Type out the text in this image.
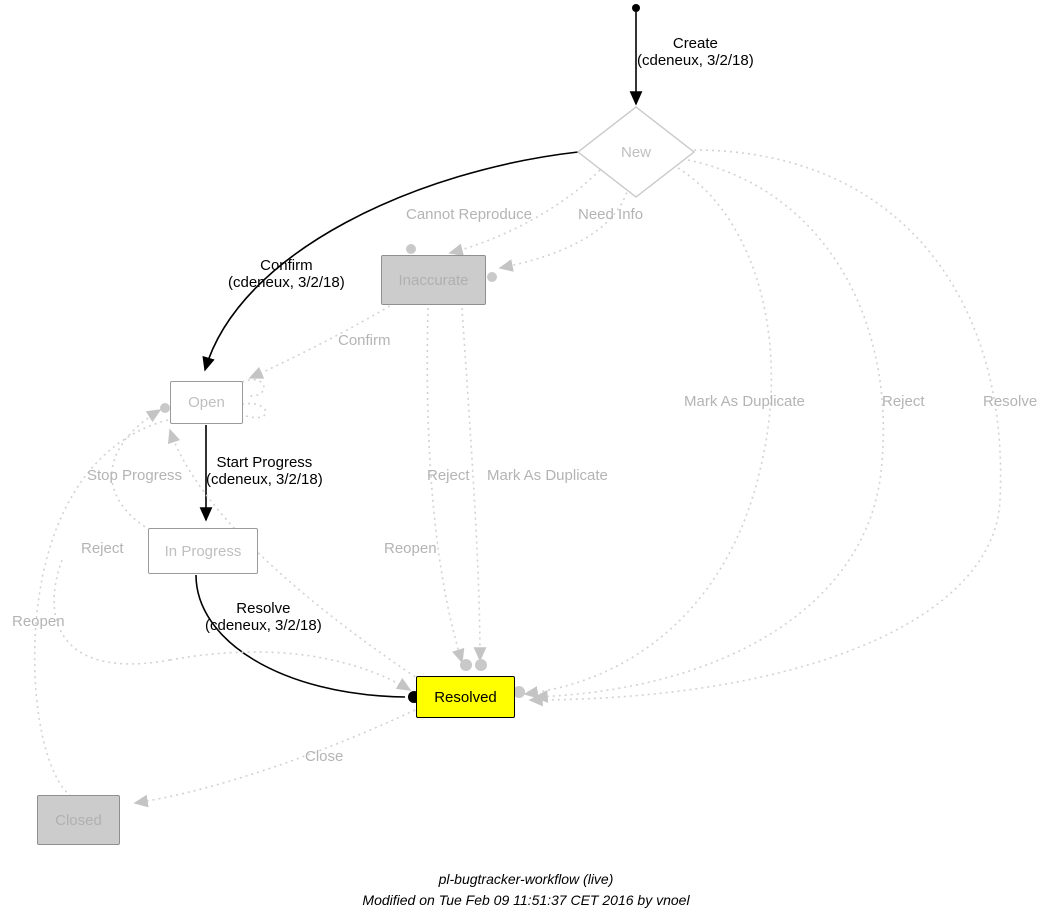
New
Inaccurate
Open
In Progress
Resolved
Closed
Create
(cdeneux, 3/2/18)
Cannot Reproduce	Need Info
Confirm
(cdeneux, 3/2/18)
Confirm
Mark As Duplicate	Reject	Resolve
Stop Progress
Start Progress
(cdeneux, 3/2/18)	Reject Mark As Duplicate
Reject	Reopen
Reopen
Resolve
(cdeneux, 3/2/18)
Close
pl-bugtracker-workflow (live)
Modified on Tue Feb 09 11:51:37 CET 2016 by vnoel
